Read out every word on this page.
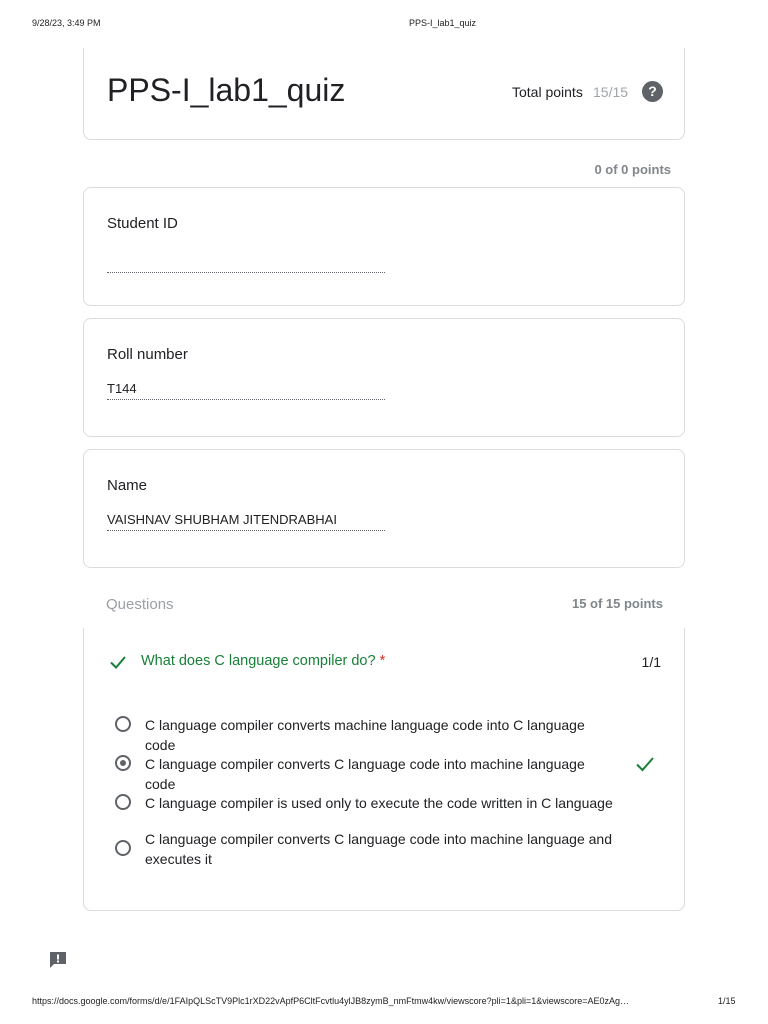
9/28/23, 3:49 PM	PPS-I_lab1_quiz
PPS-I_lab1_quiz	Total points 15/15	?
0 of 0 points
Student ID
Roll number
T144
Name
VAISHNAV SHUBHAM JITENDRABHAI
Questions	15 of 15 points
What does C language compiler do? *	1/1
C language compiler converts machine language code into C language code
C language compiler converts C language code into machine language code
C language compiler is used only to execute the code written in C language
C language compiler converts C language code into machine language and executes it
https://docs.google.com/forms/d/e/1FAIpQLScTV9Plc1rXD22vApfP6CltFcvtlu4ylJB8zymB_nmFtmw4kw/viewscore?pli=1&pli=1&viewscore=AE0zAg…	1/15
